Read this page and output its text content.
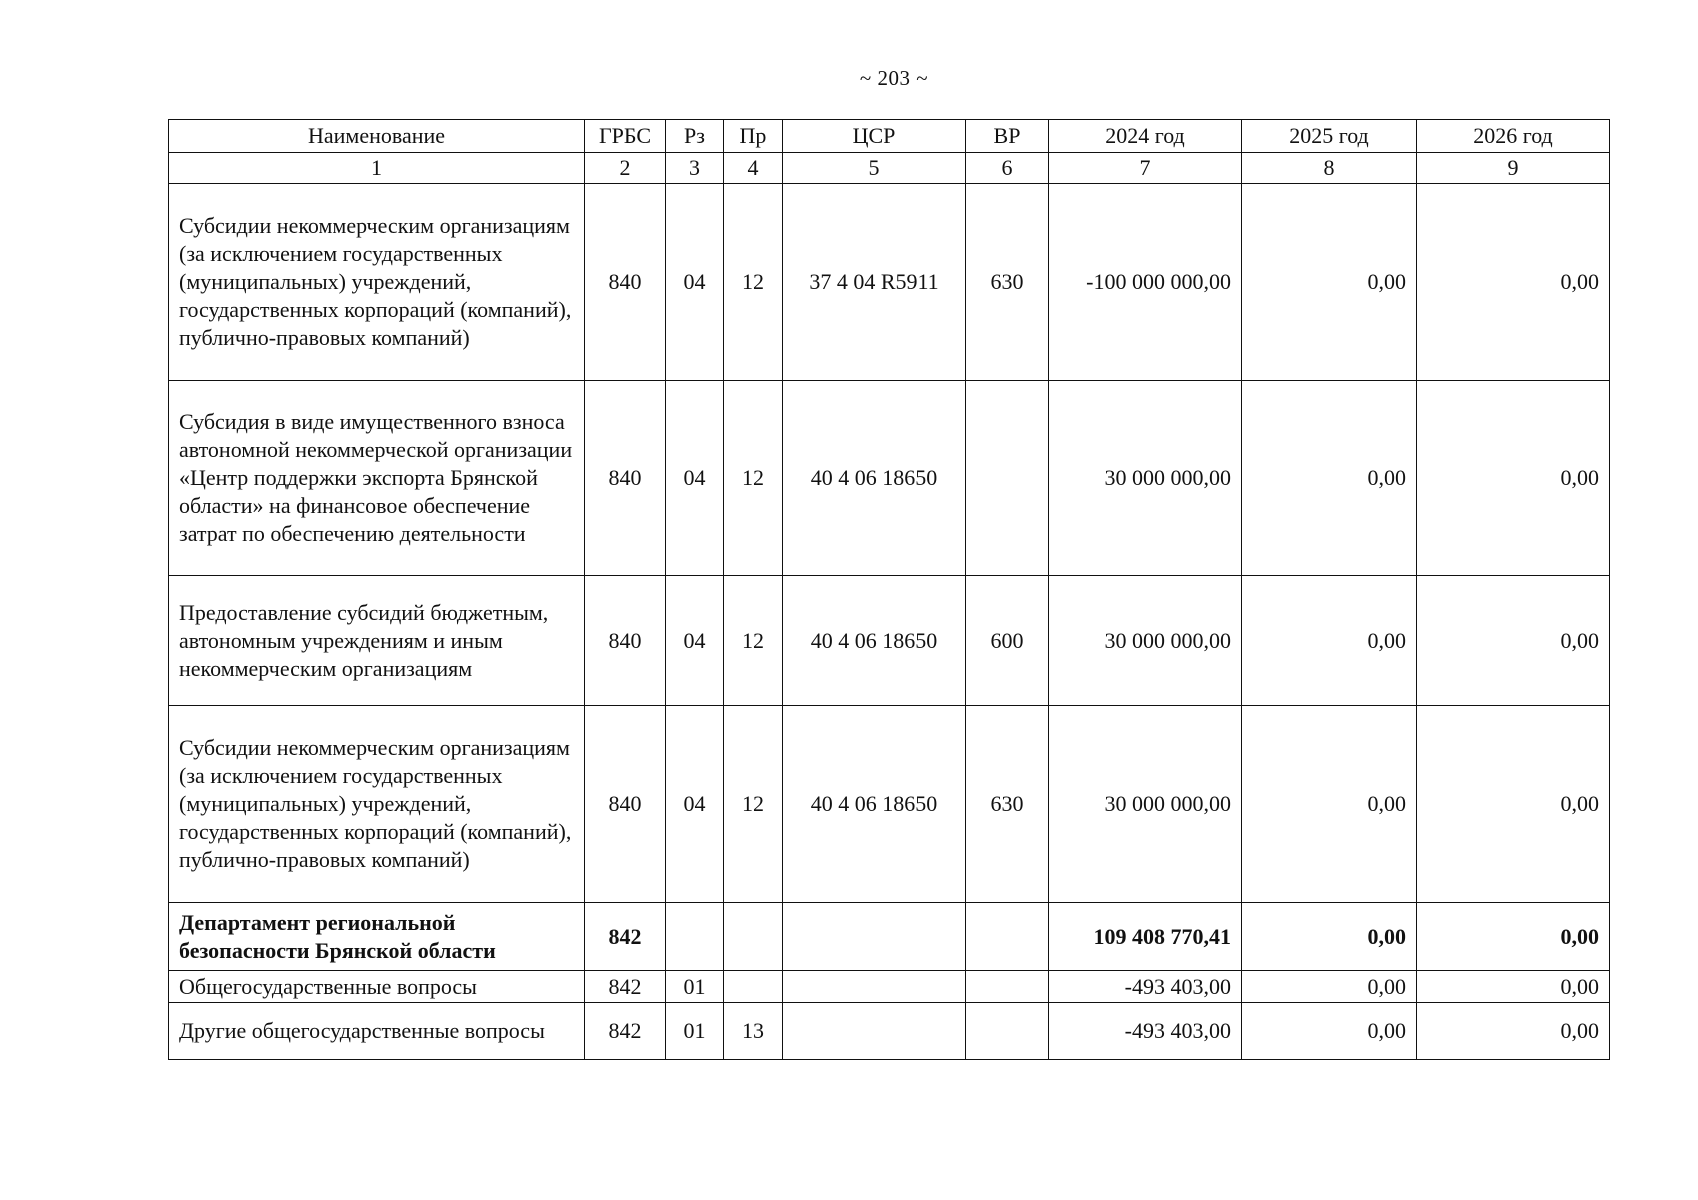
~ 203 ~
Наименование	ГРБС	Рз	Пр	ЦСР	ВР	2024 год	2025 год	2026 год
1	2	3	4	5	6	7	8	9
Субсидии некоммерческим организациям (за исключением государственных (муниципальных) учреждений, государственных корпораций (компаний), публично-правовых компаний)	840	04	12	37 4 04 R5911	630	-100 000 000,00	0,00	0,00
Субсидия в виде имущественного взноса автономной некоммерческой организации «Центр поддержки экспорта Брянской области» на финансовое обеспечение затрат по обеспечению деятельности	840	04	12	40 4 06 18650		30 000 000,00	0,00	0,00
Предоставление субсидий бюджетным, автономным учреждениям и иным некоммерческим организациям	840	04	12	40 4 06 18650	600	30 000 000,00	0,00	0,00
Субсидии некоммерческим организациям (за исключением государственных (муниципальных) учреждений, государственных корпораций (компаний), публично-правовых компаний)	840	04	12	40 4 06 18650	630	30 000 000,00	0,00	0,00
Департамент региональной безопасности Брянской области	842					109 408 770,41	0,00	0,00
Общегосударственные вопросы	842	01				-493 403,00	0,00	0,00
Другие общегосударственные вопросы	842	01	13			-493 403,00	0,00	0,00
